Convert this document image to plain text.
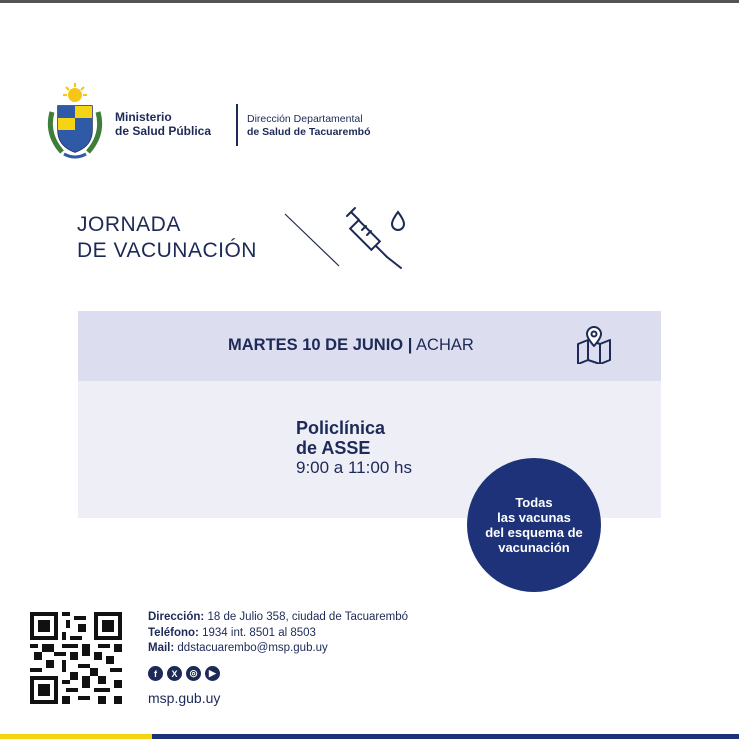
Ministerio
de Salud Pública
Dirección Departamental
de Salud de Tacuarembó
JORNADA
DE VACUNACIÓN
MARTES 10 DE JUNIO | ACHAR
Policlínica
de ASSE
9:00 a 11:00 hs
Todas
las vacunas
del esquema de
vacunación
Dirección: 18 de Julio 358, ciudad de Tacuarembó
Teléfono: 1934 int. 8501 al 8503
Mail: ddstacuarembo@msp.gub.uy
f	X	◎	▶
msp.gub.uy
